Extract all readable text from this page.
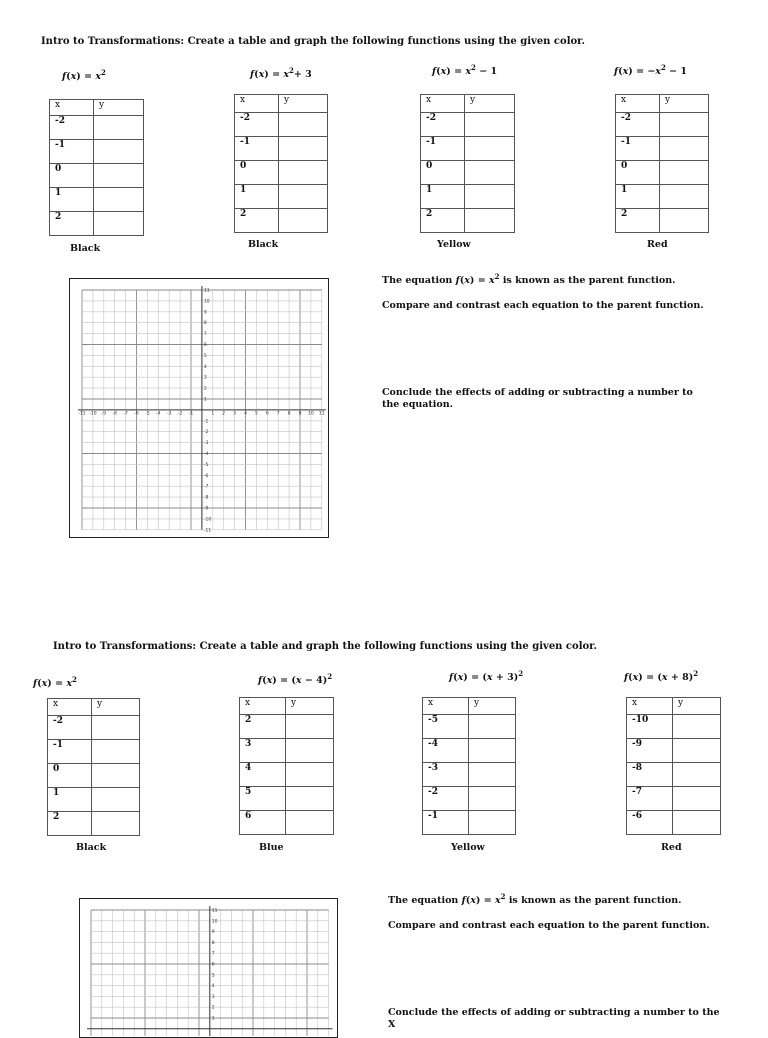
Intro to Transformations: Create a table and graph the following functions using the given color.
$f(x) = x^2$	$f(x) = x^2+ 3$	$f(x) = x^2 - 1$	$f(x) = -x^2 - 1$
x	y
-2	
-1	
0	
1	
2	
x	y
-2	
-1	
0	
1	
2	
x	y
-2	
-1	
0	
1	
2	
x	y
-2	
-1	
0	
1	
2	
Black	Black	Yellow	Red
-11 -10 -9 -8 -7 -6 -5 -4 -3 -2 -1	1 2 3 4 5 6 7 8 9 10 11
11
10
9
8
7
6
5
4
3
2
1
-1
-2
-3
-4
-5
-6
-7
-8
-9
-10
-11
The equation $f(x) = x^2$ is known as the parent function.
Compare and contrast each equation to the parent function.
Conclude the effects of adding or subtracting a number to the equation.
Intro to Transformations: Create a table and graph the following functions using the given color.
$f(x) = x^2$	$f(x) = (x - 4)^2$	$f(x) = (x + 3)^2$	$f(x) = (x + 8)^2$
x	y
-2	
-1	
0	
1	
2	
x	y
2	
3	
4	
5	
6	
x	y
-5	
-4	
-3	
-2	
-1	
x	y
-10	
-9	
-8	
-7	
-6	
Black	Blue	Yellow	Red
11
10
9
8
7
6
5
4
3
2
1
The equation $f(x) = x^2$ is known as the parent function.
Compare and contrast each equation to the parent function.
Conclude the effects of adding or subtracting a number to the X
